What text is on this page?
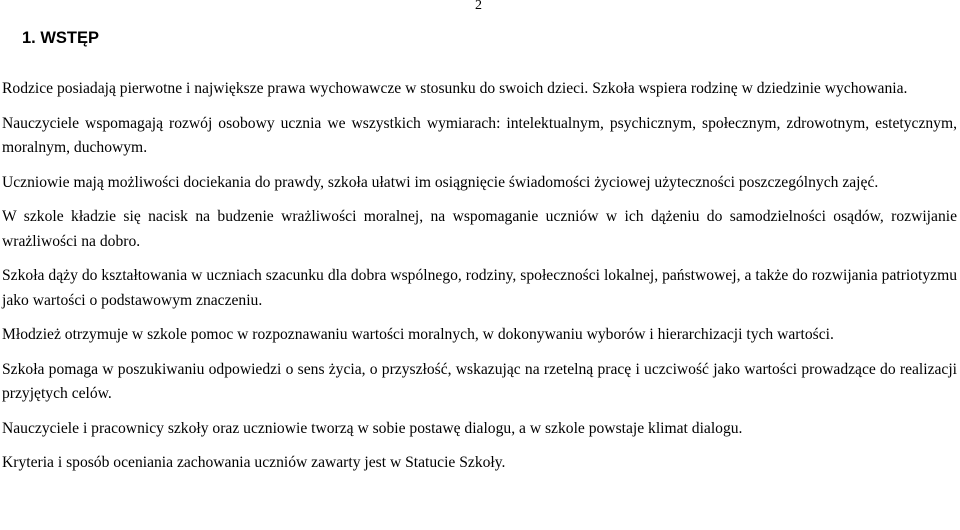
2
1. WSTĘP

Rodzice posiadają pierwotne i największe prawa wychowawcze w stosunku do swoich dzieci. Szkoła wspiera rodzinę w dziedzinie wychowania.

Nauczyciele wspomagają rozwój osobowy ucznia we wszystkich wymiarach: intelektualnym, psychicznym, społecznym, zdrowotnym, estetycznym, moralnym, duchowym.

Uczniowie mają możliwości dociekania do prawdy, szkoła ułatwi im osiągnięcie świadomości życiowej użyteczności poszczególnych zajęć.

W szkole kładzie się nacisk na budzenie wrażliwości moralnej, na wspomaganie uczniów w ich dążeniu do samodzielności osądów, rozwijanie wrażliwości na dobro.

Szkoła dąży do kształtowania w uczniach szacunku dla dobra wspólnego, rodziny, społeczności lokalnej, państwowej, a także do rozwijania patriotyzmu jako wartości o podstawowym znaczeniu.

Młodzież otrzymuje w szkole pomoc w rozpoznawaniu wartości moralnych, w dokonywaniu wyborów i hierarchizacji tych wartości.

Szkoła pomaga w poszukiwaniu odpowiedzi o sens życia, o przyszłość, wskazując na rzetelną pracę i uczciwość jako wartości prowadzące do realizacji przyjętych celów.

Nauczyciele i pracownicy szkoły oraz uczniowie tworzą w sobie postawę dialogu, a w szkole powstaje klimat dialogu.

Kryteria i sposób oceniania zachowania uczniów zawarty jest w Statucie Szkoły.
